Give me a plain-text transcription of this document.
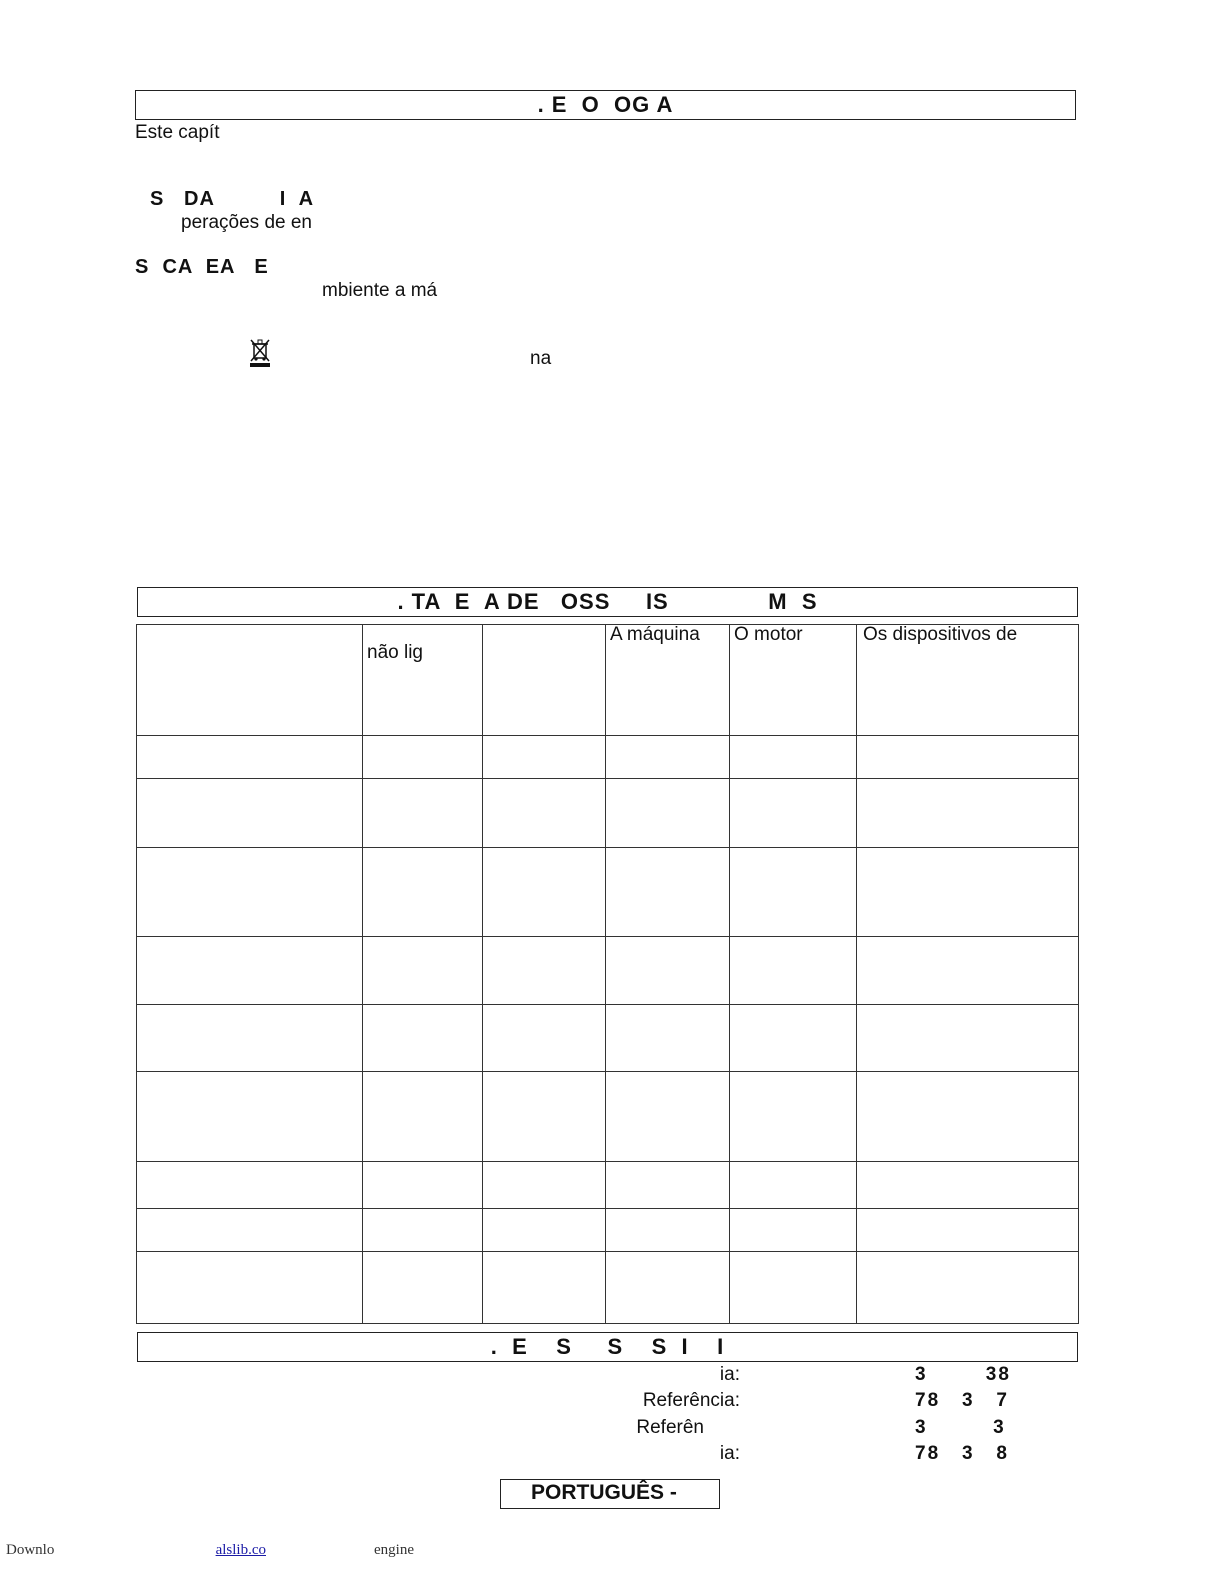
. E  O  OG A
Este capít
S   DA          I  A
perações de en
S  CA  EA   E
mbiente a má
na
. TA  E  A DE   OSS     IS              M  S
	não lig		A máquina	O motor	Os dispositivos de

.  E    S     S    S  I    I
ia:	3        38
Referência:	78   3   7
Referên	3         3
ia:	78   3   8
PORTUGUÊS -
Downlo	alslib.co	engine
